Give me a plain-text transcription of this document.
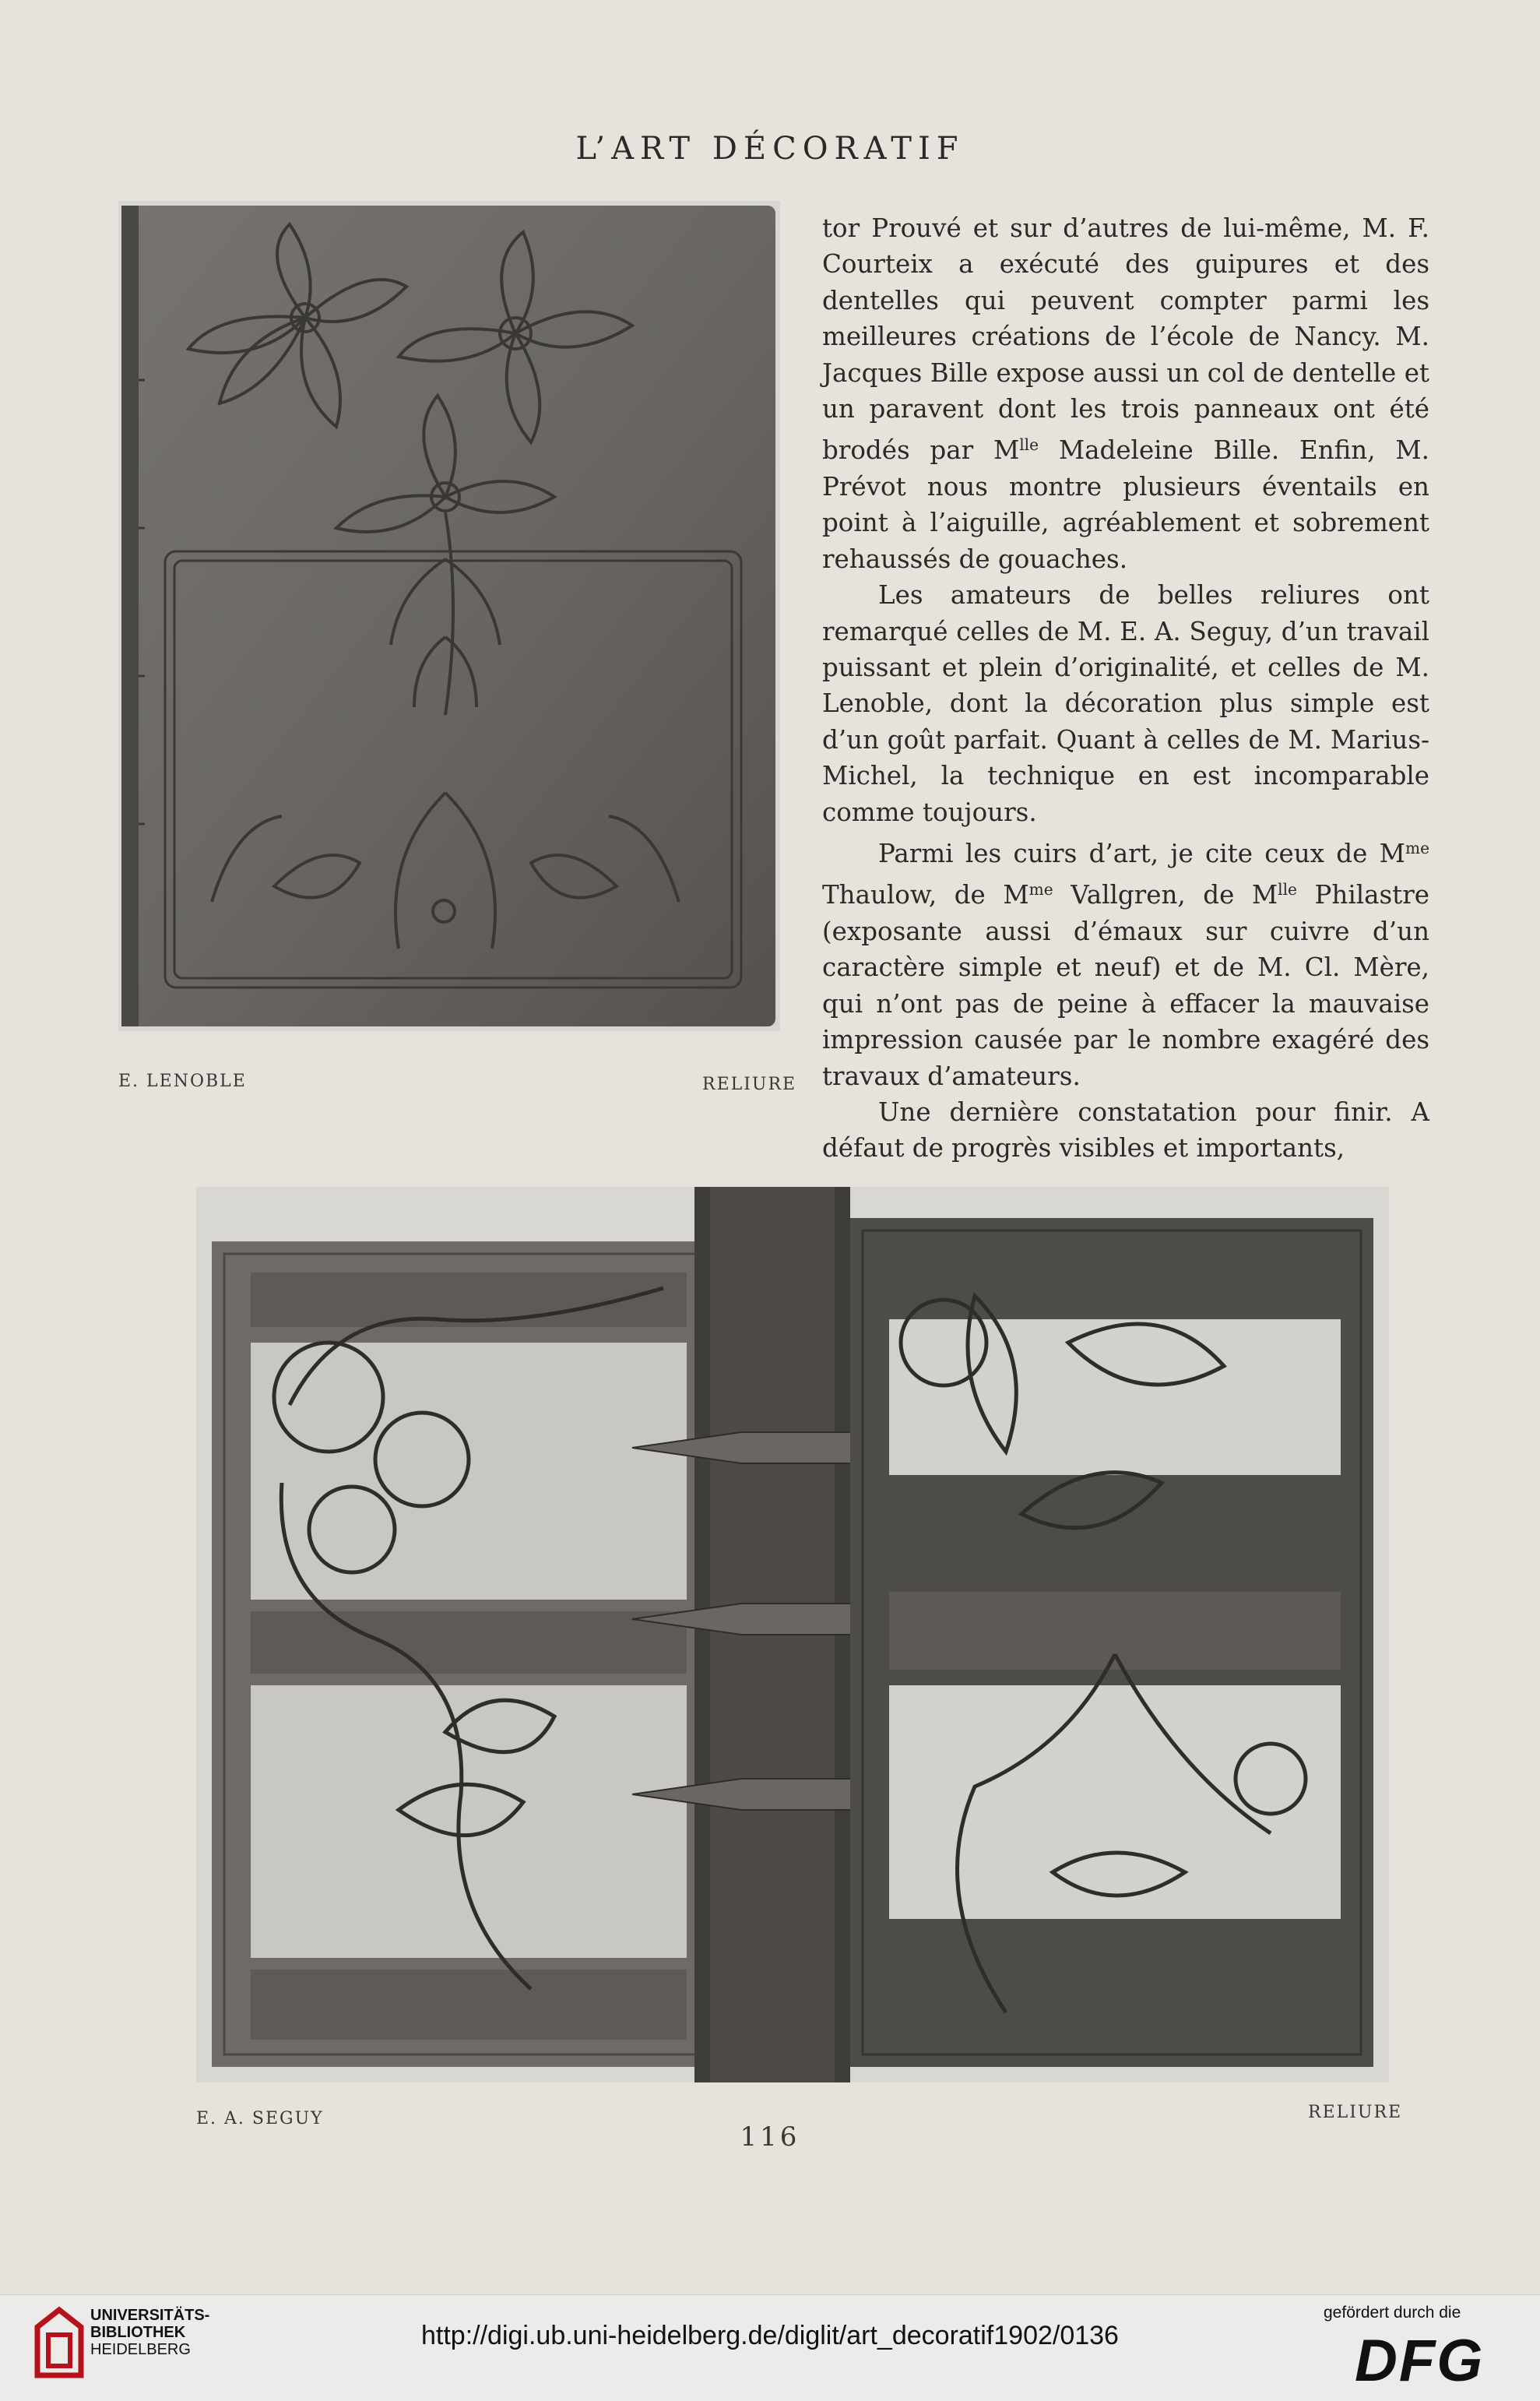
L’ART DÉCORATIF
E. LENOBLE	RELIURE

tor Prouvé et sur d’autres de lui-même, M. F. Courteix a exécuté des guipures et des dentelles qui peuvent compter parmi les meilleures créations de l’école de Nancy. M. Jacques Bille expose aussi un col de dentelle et un paravent dont les trois panneaux ont été brodés par $M^{lle}$ Madeleine Bille. Enfin, M. Prévot nous montre plusieurs éventails en point à l’aiguille, agréablement et sobrement rehaussés de gouaches.

Les amateurs de belles reliures ont remarqué celles de M. E. A. Seguy, d’un travail puissant et plein d’originalité, et celles de M. Lenoble, dont la décoration plus simple est d’un goût parfait. Quant à celles de M. Marius-Michel, la technique en est incomparable comme toujours.

Parmi les cuirs d’art, je cite ceux de $M^{me}$ Thaulow, de $M^{me}$ Vallgren, de $M^{lle}$ Philastre (exposante aussi d’émaux sur cuivre d’un caractère simple et neuf) et de M. Cl. Mère, qui n’ont pas de peine à effacer la mauvaise impression causée par le nombre exagéré des travaux d’amateurs.

Une dernière constatation pour finir. A défaut de progrès visibles et importants,

E. A. SEGUY	RELIURE
116
UNIVERSITÄTS-
BIBLIOTHEK
HEIDELBERG	http://digi.ub.uni-heidelberg.de/diglit/art_decoratif1902/0136
gefördert durch die
DFG
